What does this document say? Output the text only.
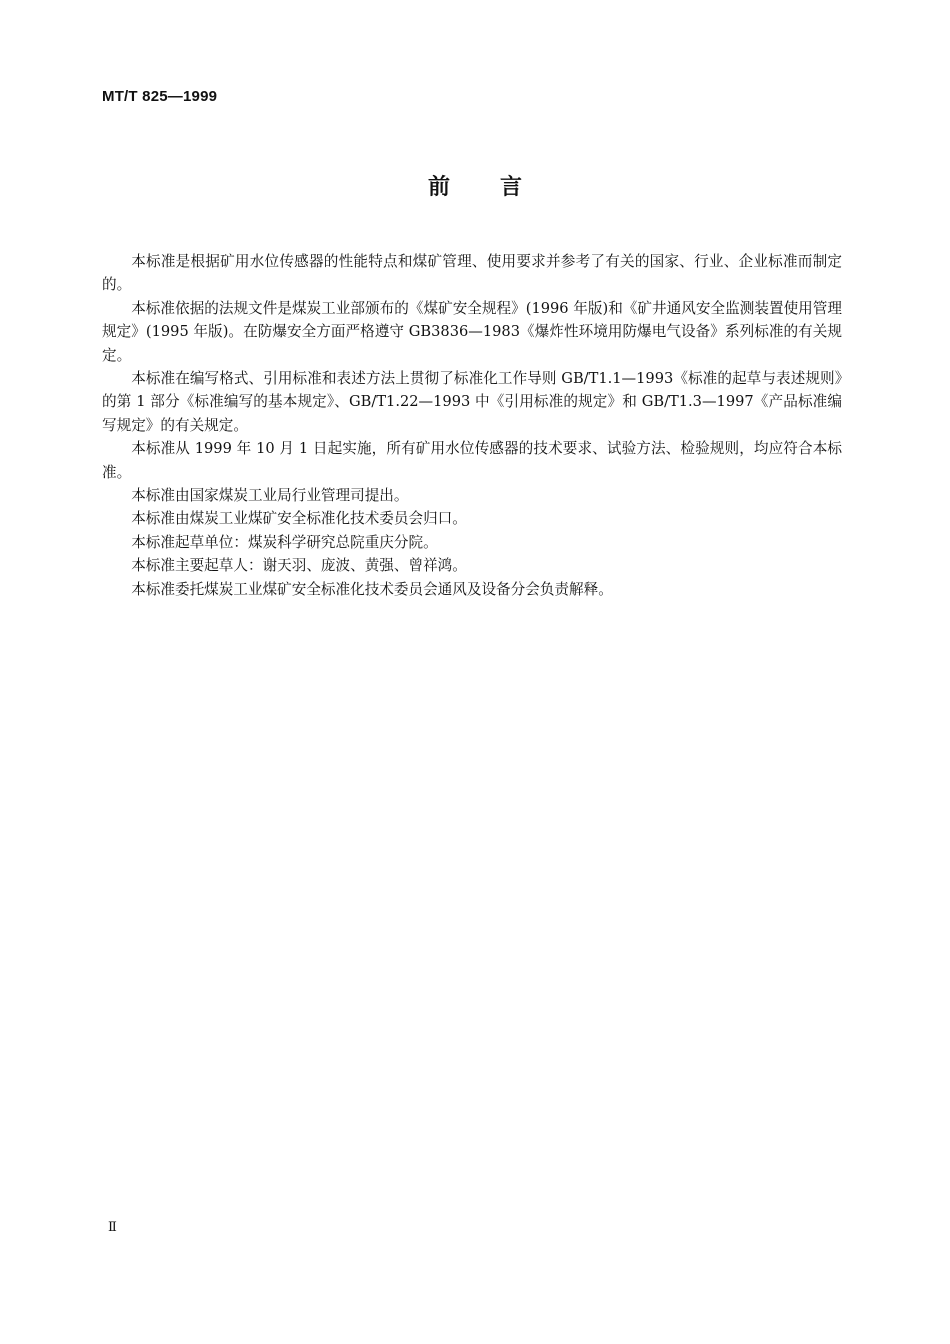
MT/T 825—1999
前言

本标准是根据矿用水位传感器的性能特点和煤矿管理、使用要求并参考了有关的国家、行业、企业标准而制定的。

本标准依据的法规文件是煤炭工业部颁布的《煤矿安全规程》(1996 年版)和《矿井通风安全监测装置使用管理规定》(1995 年版)。在防爆安全方面严格遵守 GB3836—1983《爆炸性环境用防爆电气设备》系列标准的有关规定。

本标准在编写格式、引用标准和表述方法上贯彻了标准化工作导则 GB/T1.1—1993《标准的起草与表述规则》的第 1 部分《标准编写的基本规定》、GB/T1.22—1993 中《引用标准的规定》和 GB/T1.3—1997《产品标准编写规定》的有关规定。

本标准从 1999 年 10 月 1 日起实施，所有矿用水位传感器的技术要求、试验方法、检验规则，均应符合本标准。

本标准由国家煤炭工业局行业管理司提出。

本标准由煤炭工业煤矿安全标准化技术委员会归口。

本标准起草单位：煤炭科学研究总院重庆分院。

本标准主要起草人：谢天羽、庞波、黄强、曾祥鸿。

本标准委托煤炭工业煤矿安全标准化技术委员会通风及设备分会负责解释。

Ⅱ
